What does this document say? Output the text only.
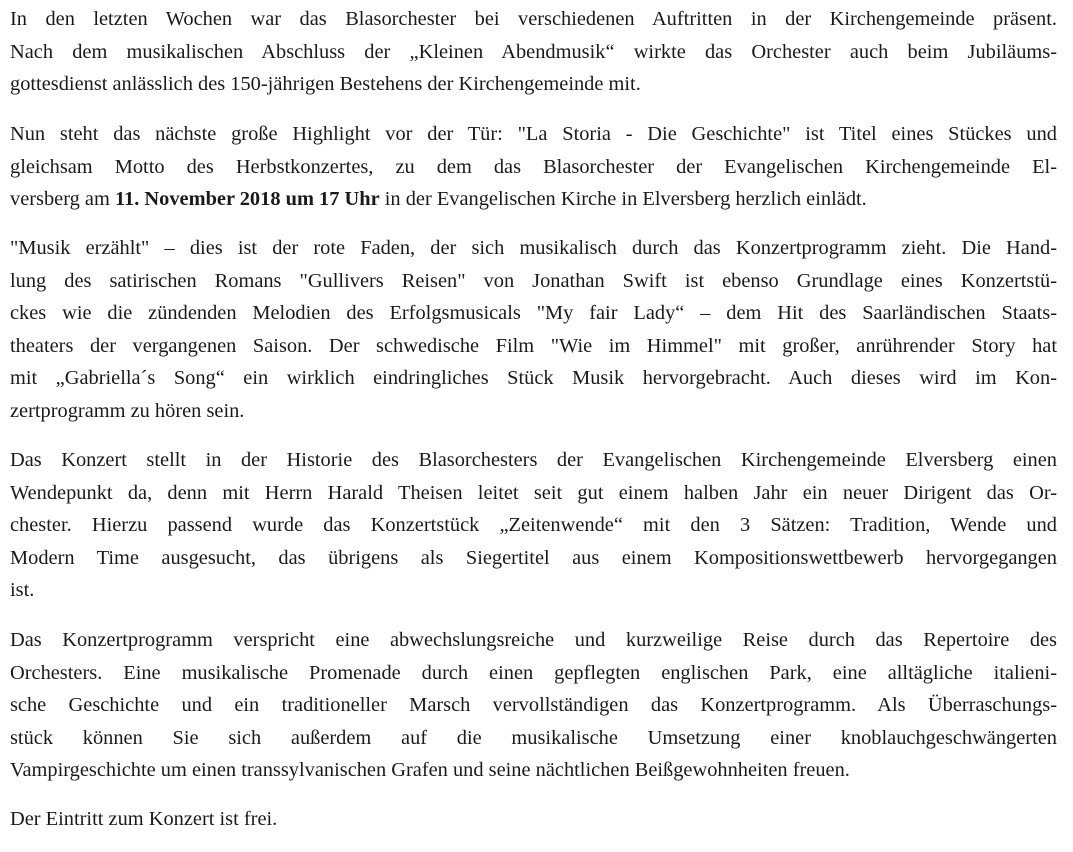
In den letzten Wochen war das Blasorchester bei verschiedenen Auftritten in der Kirchengemeinde präsent.
Nach dem musikalischen Abschluss der „Kleinen Abendmusik“ wirkte das Orchester auch beim Jubiläums-
gottesdienst anlässlich des 150-jährigen Bestehens der Kirchengemeinde mit.

Nun steht das nächste große Highlight vor der Tür: "La Storia - Die Geschichte" ist Titel eines Stückes und
gleichsam Motto des Herbstkonzertes, zu dem das Blasorchester der Evangelischen Kirchengemeinde El-
versberg am 11. November 2018 um 17 Uhr in der Evangelischen Kirche in Elversberg herzlich einlädt.

"Musik erzählt" – dies ist der rote Faden, der sich musikalisch durch das Konzertprogramm zieht. Die Hand-
lung des satirischen Romans "Gullivers Reisen" von Jonathan Swift ist ebenso Grundlage eines Konzertstü-
ckes wie die zündenden Melodien des Erfolgsmusicals "My fair Lady“ – dem Hit des Saarländischen Staats-
theaters der vergangenen Saison. Der schwedische Film "Wie im Himmel" mit großer, anrührender Story hat
mit „Gabriella´s Song“ ein wirklich eindringliches Stück Musik hervorgebracht. Auch dieses wird im Kon-
zertprogramm zu hören sein.

Das Konzert stellt in der Historie des Blasorchesters der Evangelischen Kirchengemeinde Elversberg einen
Wendepunkt da, denn mit Herrn Harald Theisen leitet seit gut einem halben Jahr ein neuer Dirigent das Or-
chester. Hierzu passend wurde das Konzertstück „Zeitenwende“ mit den 3 Sätzen: Tradition, Wende und
Modern Time ausgesucht, das übrigens als Siegertitel aus einem Kompositionswettbewerb hervorgegangen
ist.

Das Konzertprogramm verspricht eine abwechslungsreiche und kurzweilige Reise durch das Repertoire des
Orchesters. Eine musikalische Promenade durch einen gepflegten englischen Park, eine alltägliche italieni-
sche Geschichte und ein traditioneller Marsch vervollständigen das Konzertprogramm. Als Überraschungs-
stück können Sie sich außerdem auf die musikalische Umsetzung einer knoblauchgeschwängerten
Vampirgeschichte um einen transsylvanischen Grafen und seine nächtlichen Beißgewohnheiten freuen.

Der Eintritt zum Konzert ist frei.
